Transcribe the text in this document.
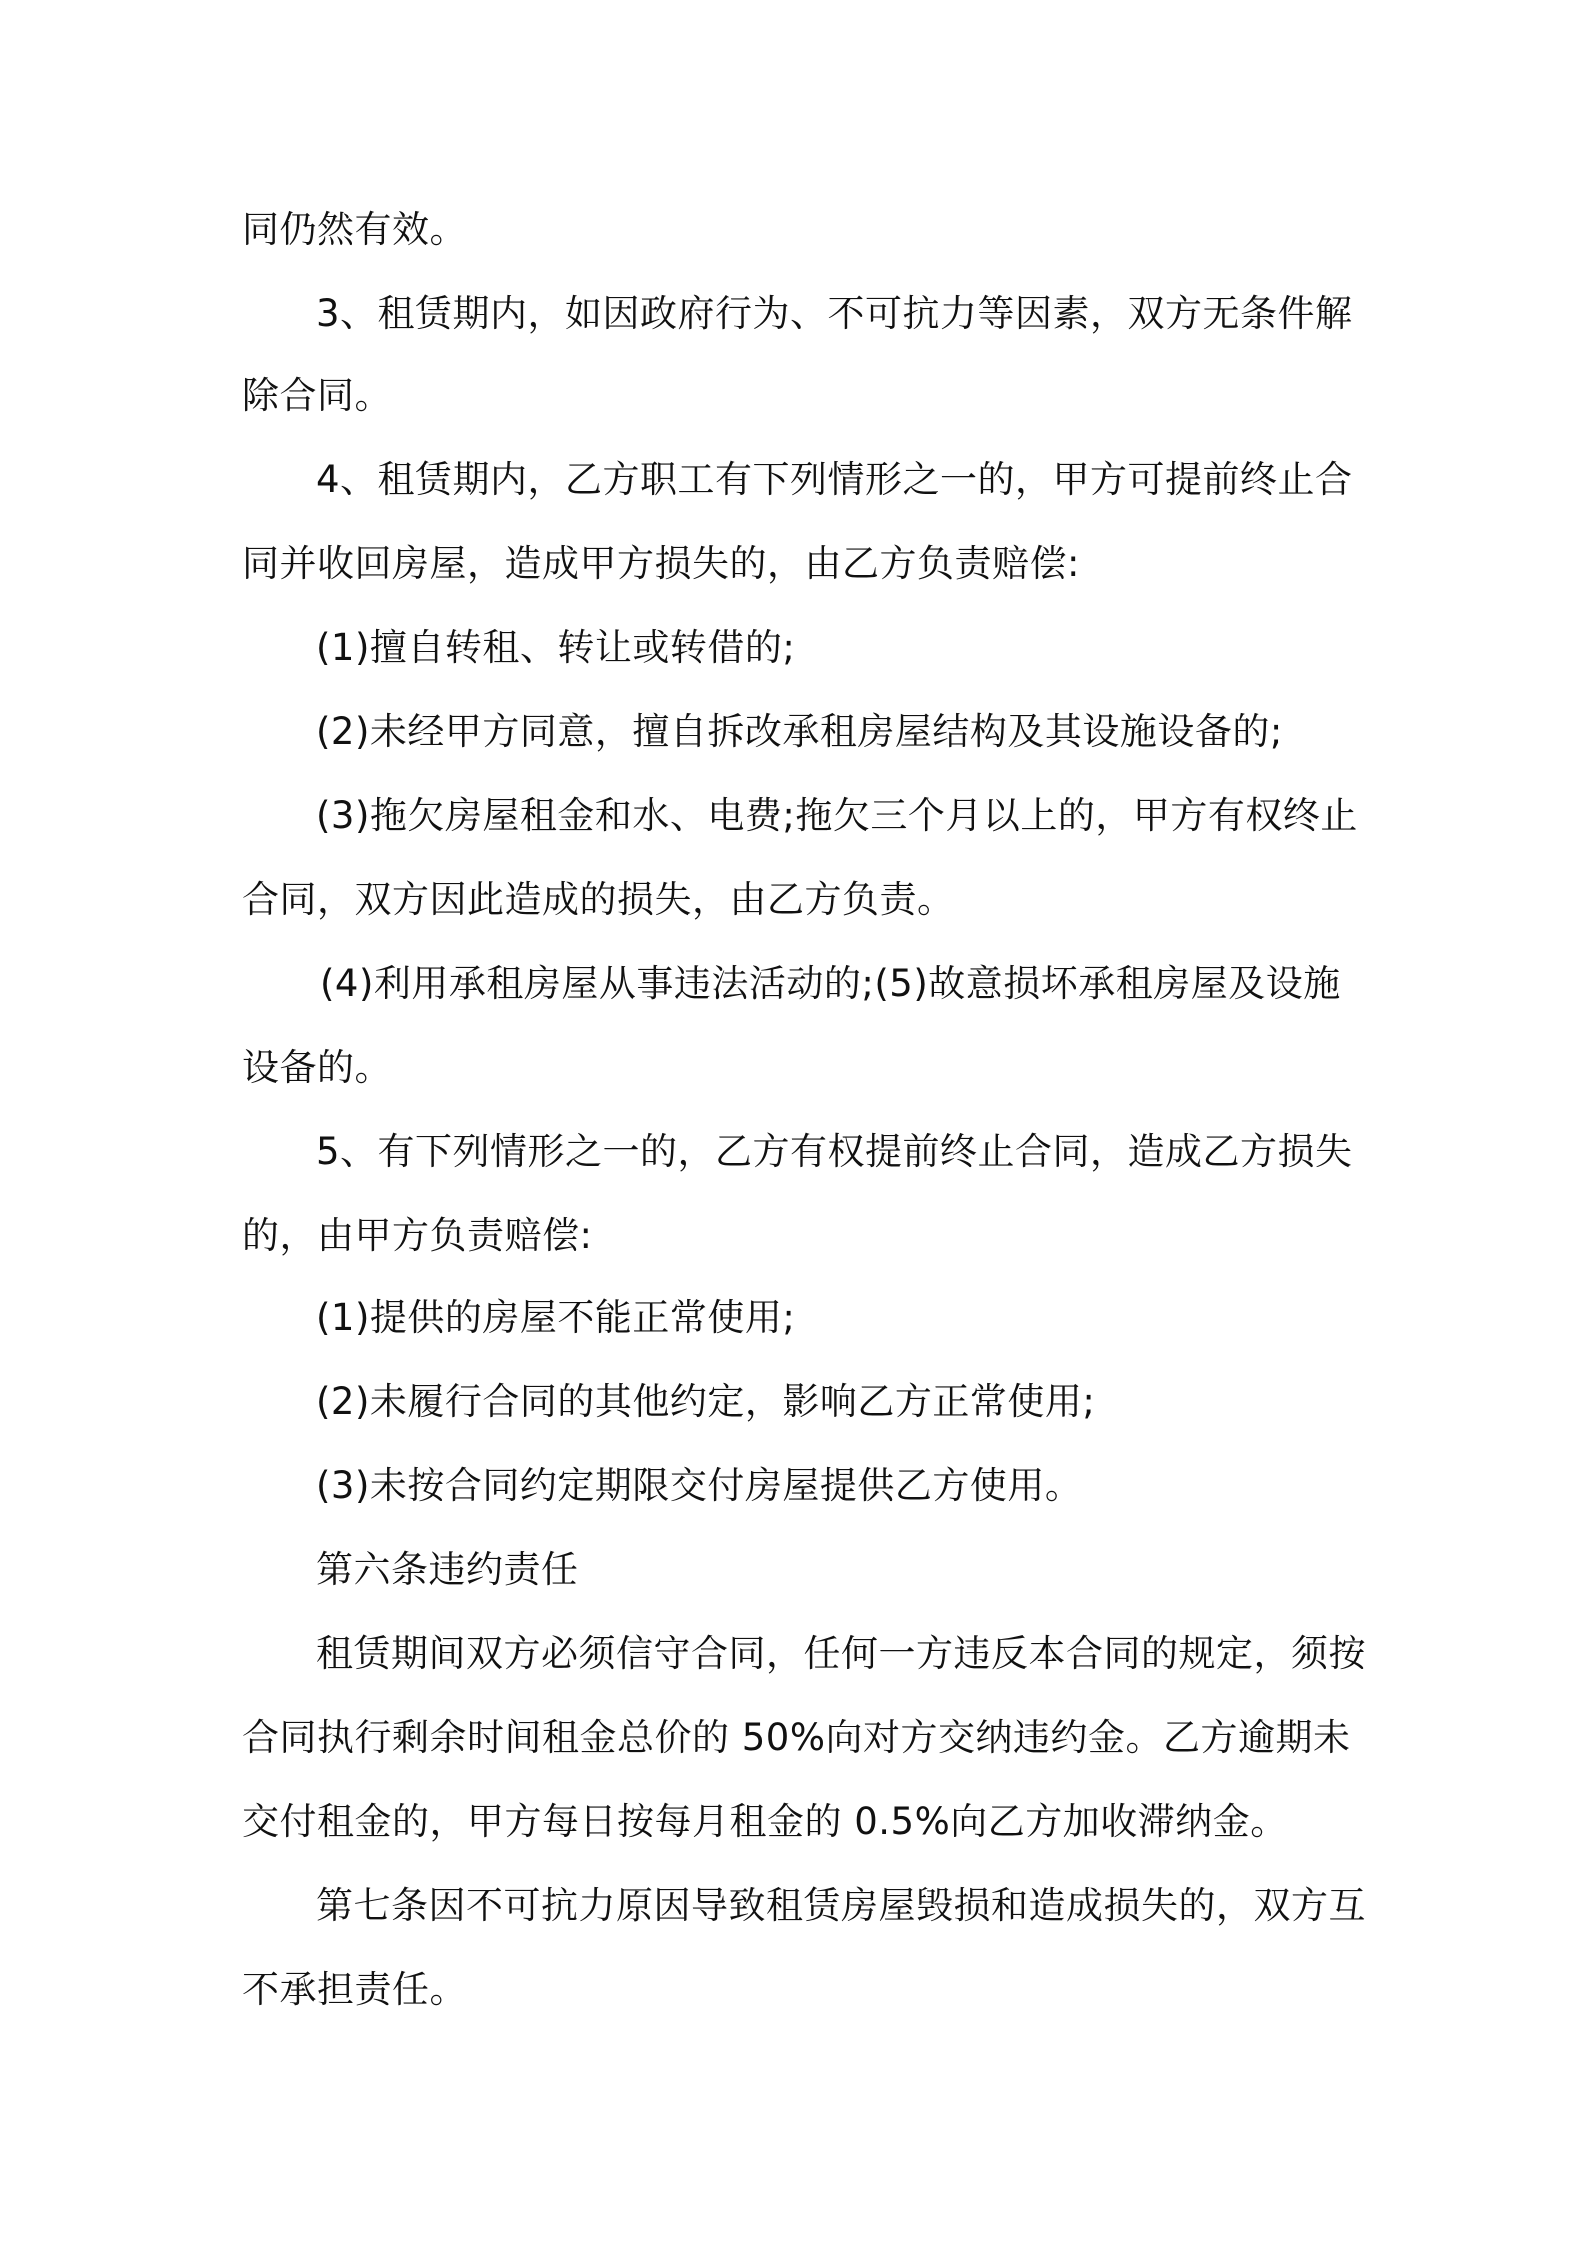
同仍然有效。
3、租赁期内，如因政府行为、不可抗力等因素，双方无条件解
除合同。
4、租赁期内，乙方职工有下列情形之一的，甲方可提前终止合
同并收回房屋，造成甲方损失的，由乙方负责赔偿:
(1)擅自转租、转让或转借的;
(2)未经甲方同意，擅自拆改承租房屋结构及其设施设备的;
(3)拖欠房屋租金和水、电费;拖欠三个月以上的，甲方有权终止
合同，双方因此造成的损失，由乙方负责。
(4)利用承租房屋从事违法活动的;(5)故意损坏承租房屋及设施
设备的。
5、有下列情形之一的，乙方有权提前终止合同，造成乙方损失
的，由甲方负责赔偿:
(1)提供的房屋不能正常使用;
(2)未履行合同的其他约定，影响乙方正常使用;
(3)未按合同约定期限交付房屋提供乙方使用。
第六条违约责任
租赁期间双方必须信守合同，任何一方违反本合同的规定，须按
合同执行剩余时间租金总价的 50%向对方交纳违约金。乙方逾期未
交付租金的，甲方每日按每月租金的 0.5%向乙方加收滞纳金。
第七条因不可抗力原因导致租赁房屋毁损和造成损失的，双方互
不承担责任。
